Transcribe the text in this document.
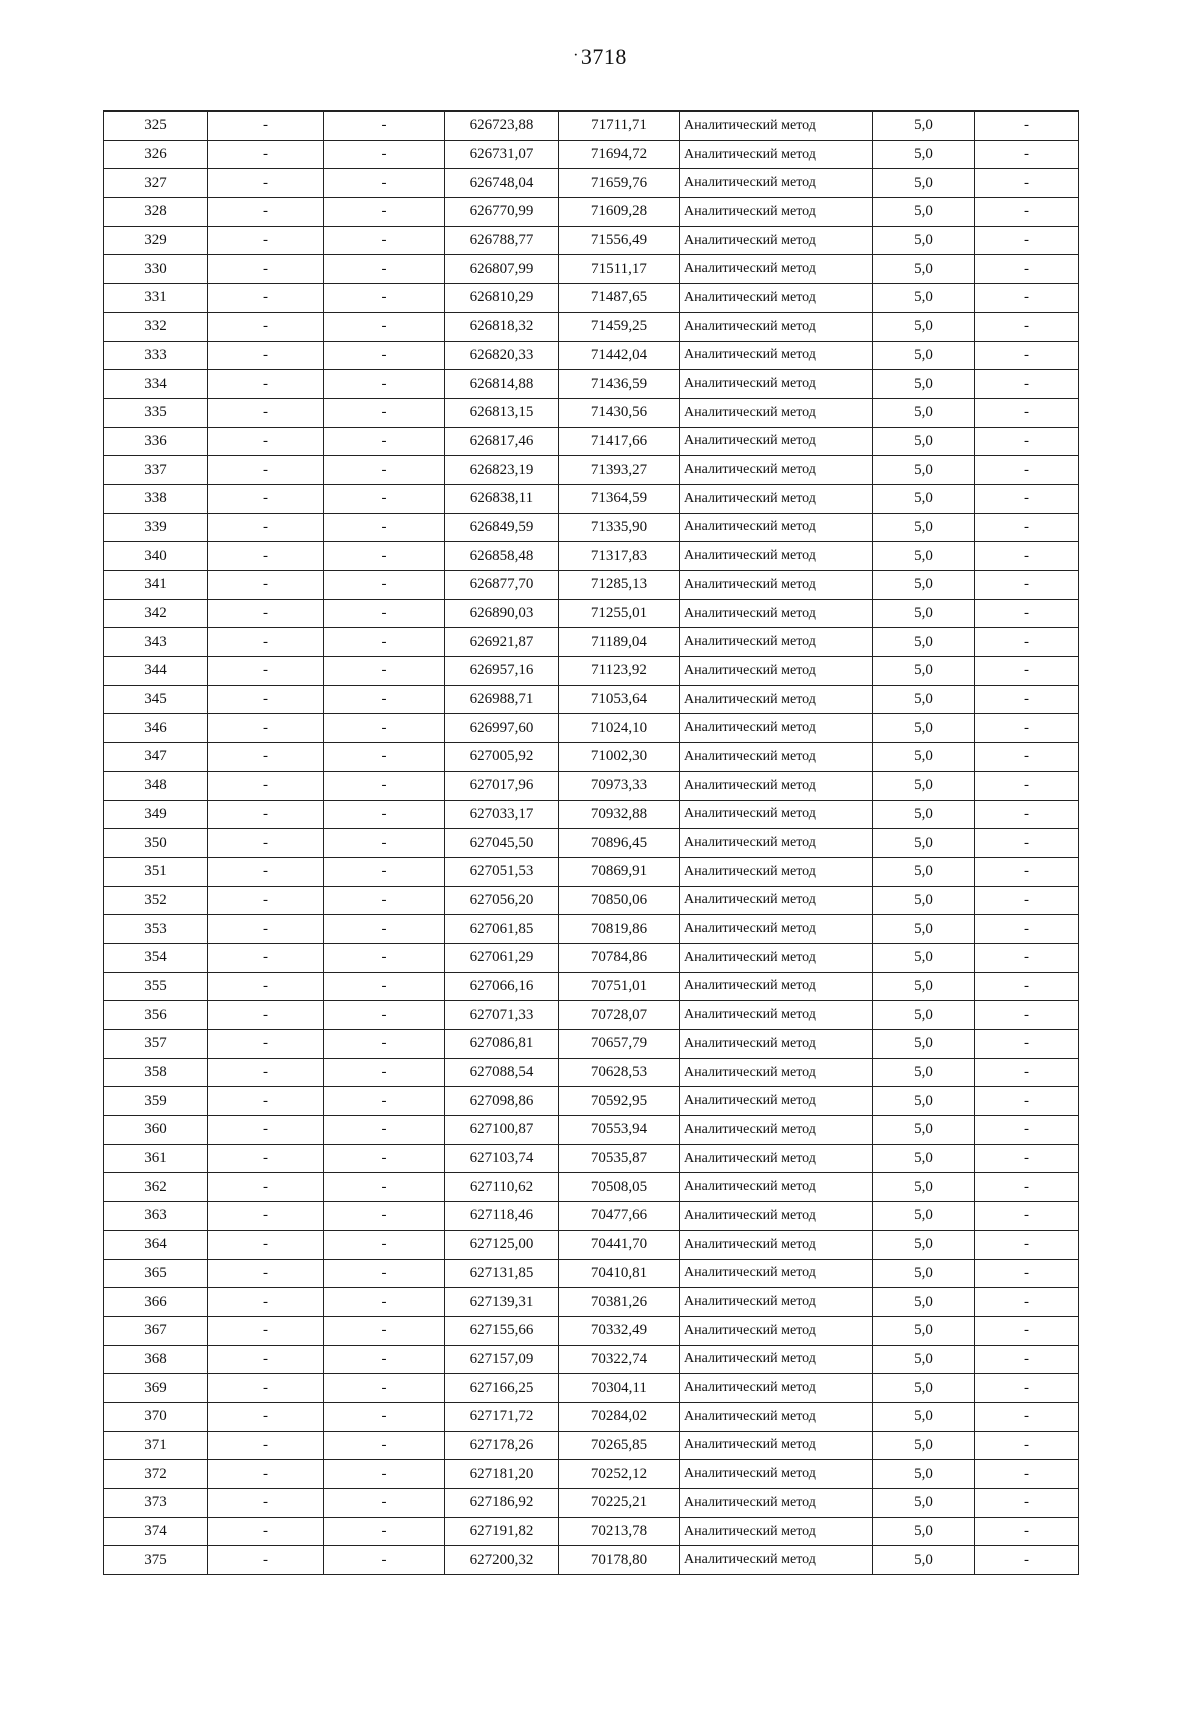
·3718
325	-	-	626723,88	71711,71	Аналитический метод	5,0	-
326	-	-	626731,07	71694,72	Аналитический метод	5,0	-
327	-	-	626748,04	71659,76	Аналитический метод	5,0	-
328	-	-	626770,99	71609,28	Аналитический метод	5,0	-
329	-	-	626788,77	71556,49	Аналитический метод	5,0	-
330	-	-	626807,99	71511,17	Аналитический метод	5,0	-
331	-	-	626810,29	71487,65	Аналитический метод	5,0	-
332	-	-	626818,32	71459,25	Аналитический метод	5,0	-
333	-	-	626820,33	71442,04	Аналитический метод	5,0	-
334	-	-	626814,88	71436,59	Аналитический метод	5,0	-
335	-	-	626813,15	71430,56	Аналитический метод	5,0	-
336	-	-	626817,46	71417,66	Аналитический метод	5,0	-
337	-	-	626823,19	71393,27	Аналитический метод	5,0	-
338	-	-	626838,11	71364,59	Аналитический метод	5,0	-
339	-	-	626849,59	71335,90	Аналитический метод	5,0	-
340	-	-	626858,48	71317,83	Аналитический метод	5,0	-
341	-	-	626877,70	71285,13	Аналитический метод	5,0	-
342	-	-	626890,03	71255,01	Аналитический метод	5,0	-
343	-	-	626921,87	71189,04	Аналитический метод	5,0	-
344	-	-	626957,16	71123,92	Аналитический метод	5,0	-
345	-	-	626988,71	71053,64	Аналитический метод	5,0	-
346	-	-	626997,60	71024,10	Аналитический метод	5,0	-
347	-	-	627005,92	71002,30	Аналитический метод	5,0	-
348	-	-	627017,96	70973,33	Аналитический метод	5,0	-
349	-	-	627033,17	70932,88	Аналитический метод	5,0	-
350	-	-	627045,50	70896,45	Аналитический метод	5,0	-
351	-	-	627051,53	70869,91	Аналитический метод	5,0	-
352	-	-	627056,20	70850,06	Аналитический метод	5,0	-
353	-	-	627061,85	70819,86	Аналитический метод	5,0	-
354	-	-	627061,29	70784,86	Аналитический метод	5,0	-
355	-	-	627066,16	70751,01	Аналитический метод	5,0	-
356	-	-	627071,33	70728,07	Аналитический метод	5,0	-
357	-	-	627086,81	70657,79	Аналитический метод	5,0	-
358	-	-	627088,54	70628,53	Аналитический метод	5,0	-
359	-	-	627098,86	70592,95	Аналитический метод	5,0	-
360	-	-	627100,87	70553,94	Аналитический метод	5,0	-
361	-	-	627103,74	70535,87	Аналитический метод	5,0	-
362	-	-	627110,62	70508,05	Аналитический метод	5,0	-
363	-	-	627118,46	70477,66	Аналитический метод	5,0	-
364	-	-	627125,00	70441,70	Аналитический метод	5,0	-
365	-	-	627131,85	70410,81	Аналитический метод	5,0	-
366	-	-	627139,31	70381,26	Аналитический метод	5,0	-
367	-	-	627155,66	70332,49	Аналитический метод	5,0	-
368	-	-	627157,09	70322,74	Аналитический метод	5,0	-
369	-	-	627166,25	70304,11	Аналитический метод	5,0	-
370	-	-	627171,72	70284,02	Аналитический метод	5,0	-
371	-	-	627178,26	70265,85	Аналитический метод	5,0	-
372	-	-	627181,20	70252,12	Аналитический метод	5,0	-
373	-	-	627186,92	70225,21	Аналитический метод	5,0	-
374	-	-	627191,82	70213,78	Аналитический метод	5,0	-
375	-	-	627200,32	70178,80	Аналитический метод	5,0	-
